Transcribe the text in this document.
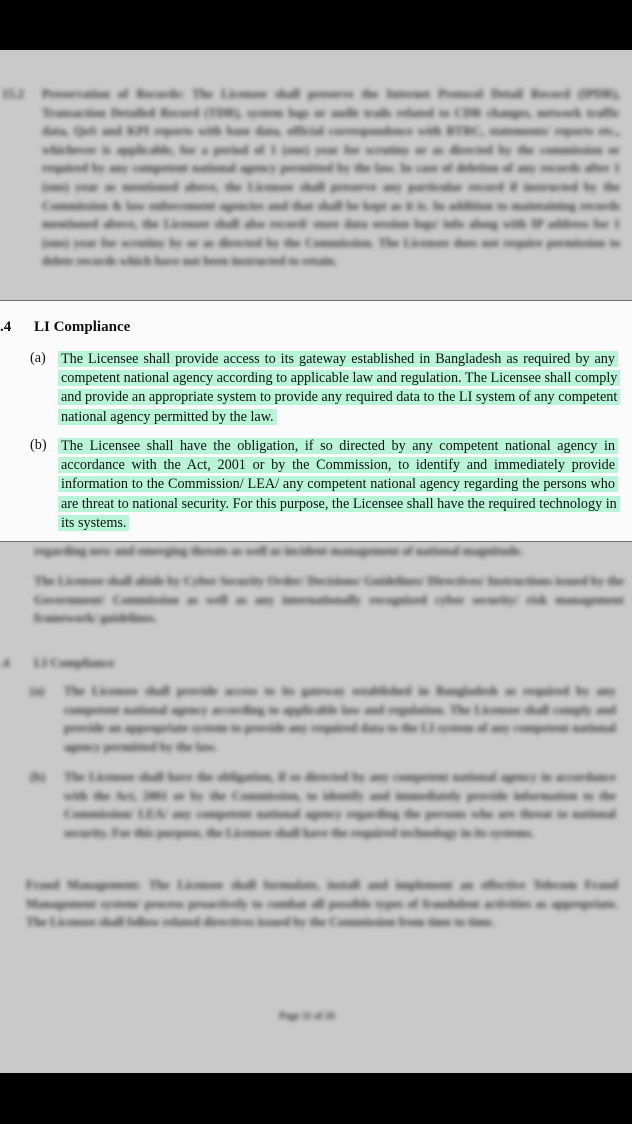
15.2 Preservation of Records: The Licensee shall preserve the Internet Protocol Detail Record (IPDR), Transaction Detailed Record (TDR), system logs or audit trails related to CDR changes, network traffic data, QoS and KPI reports with base data, official correspondence with BTRC, statements/ reports etc., whichever is applicable, for a period of 1 (one) year for scrutiny or as directed by the commission or required by any competent national agency permitted by the law. In case of deletion of any records after 1 (one) year as mentioned above, the Licensee shall preserve any particular record if instructed by the Commission & law enforcement agencies and that shall be kept as it is. In addition to maintaining records mentioned above, the Licensee shall also record/ store data session logs/ info along with IP address for 1 (one) year for scrutiny by or as directed by the Commission. The Licensee does not require permission to delete records which have not been instructed to retain.

regarding new and emerging threats as well as incident management of national magnitude.

The Licensee shall abide by Cyber Security Order/ Decisions/ Guidelines/ Directives/ Instructions issued by the Government/ Commission as well as any internationally recognized cyber security/ risk management framework/ guidelines.

.4 LI Compliance
(a) The Licensee shall provide access to its gateway established in Bangladesh as required by any competent national agency according to applicable law and regulation. The Licensee shall comply and provide an appropriate system to provide any required data to the LI system of any competent national agency permitted by the law.

(b) The Licensee shall have the obligation, if so directed by any competent national agency in accordance with the Act, 2001 or by the Commission, to identify and immediately provide information to the Commission/ LEA/ any competent national agency regarding the persons who are threat to national security. For this purpose, the Licensee shall have the required technology in its systems.

Fraud Management: The Licensee shall formulate, install and implement an effective Telecom Fraud Management system/ process proactively to combat all possible types of fraudulent activities as appropriate. The Licensee shall follow related directives issued by the Commission from time to time.

Page 11 of 26
.4 LI Compliance
(a) The Licensee shall provide access to its gateway established in Bangladesh as required by any competent national agency according to applicable law and regulation. The Licensee shall comply and provide an appropriate system to provide any required data to the LI system of any competent national agency permitted by the law.
(b) The Licensee shall have the obligation, if so directed by any competent national agency in accordance with the Act, 2001 or by the Commission, to identify and immediately provide information to the Commission/ LEA/ any competent national agency regarding the persons who are threat to national security. For this purpose, the Licensee shall have the required technology in its systems.
